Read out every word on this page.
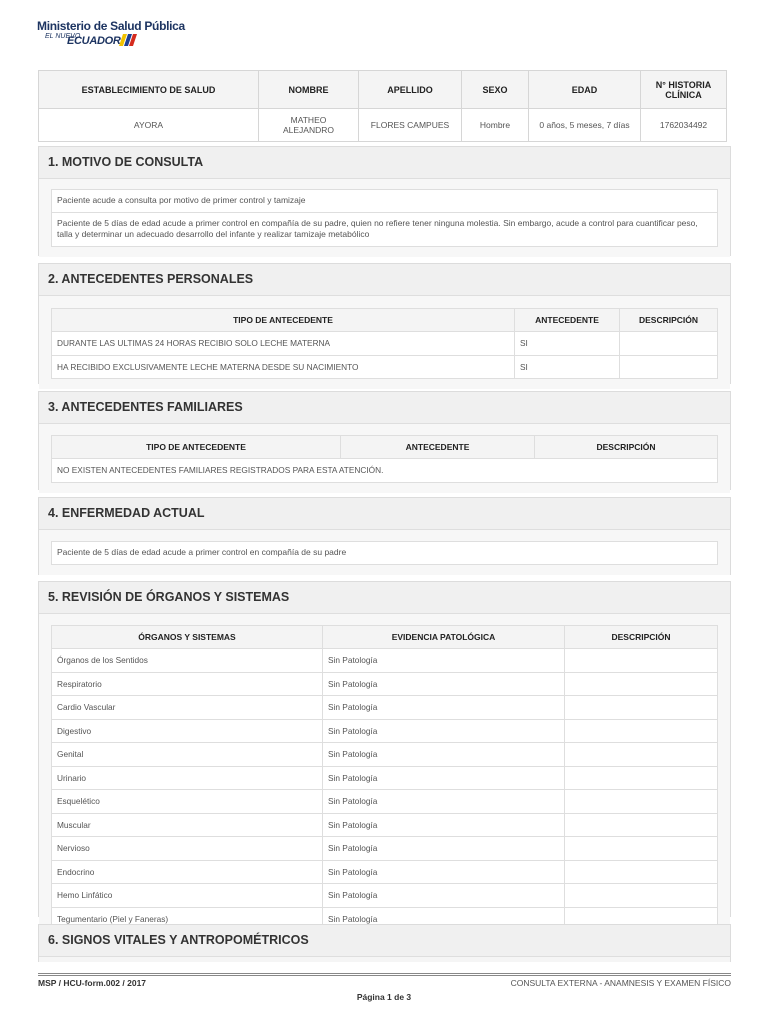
Ministerio de Salud Pública
EL NUEVO
ECUADOR
ESTABLECIMIENTO DE SALUD	NOMBRE	APELLIDO	SEXO	EDAD	N° HISTORIA CLÍNICA
AYORA	MATHEO ALEJANDRO	FLORES CAMPUES	Hombre	0 años, 5 meses, 7 días	1762034492
1. MOTIVO DE CONSULTA
Paciente acude a consulta por motivo de primer control y tamizaje
Paciente de 5 días de edad acude a primer control en compañía de su padre, quien no refiere tener ninguna molestia. Sin embargo, acude a control para cuantificar peso, talla y determinar un adecuado desarrollo del infante y realizar tamizaje metabólico
2. ANTECEDENTES PERSONALES
TIPO DE ANTECEDENTE	ANTECEDENTE	DESCRIPCIÓN
DURANTE LAS ULTIMAS 24 HORAS RECIBIO SOLO LECHE MATERNA	SI	
HA RECIBIDO EXCLUSIVAMENTE LECHE MATERNA DESDE SU NACIMIENTO	SI	
3. ANTECEDENTES FAMILIARES
TIPO DE ANTECEDENTE	ANTECEDENTE	DESCRIPCIÓN
NO EXISTEN ANTECEDENTES FAMILIARES REGISTRADOS PARA ESTA ATENCIÓN.
4. ENFERMEDAD ACTUAL
Paciente de 5 días de edad acude a primer control en compañía de su padre
5. REVISIÓN DE ÓRGANOS Y SISTEMAS
ÓRGANOS Y SISTEMAS	EVIDENCIA PATOLÓGICA	DESCRIPCIÓN
Órganos de los Sentidos	Sin Patología	
Respiratorio	Sin Patología	
Cardio Vascular	Sin Patología	
Digestivo	Sin Patología	
Genital	Sin Patología	
Urinario	Sin Patología	
Esquelético	Sin Patología	
Muscular	Sin Patología	
Nervioso	Sin Patología	
Endocrino	Sin Patología	
Hemo Linfático	Sin Patología	
Tegumentario (Piel y Faneras)	Sin Patología	
6. SIGNOS VITALES Y ANTROPOMÉTRICOS
MSP / HCU-form.002 / 2017	CONSULTA EXTERNA - ANAMNESIS Y EXAMEN FÍSICO
Página 1 de 3
